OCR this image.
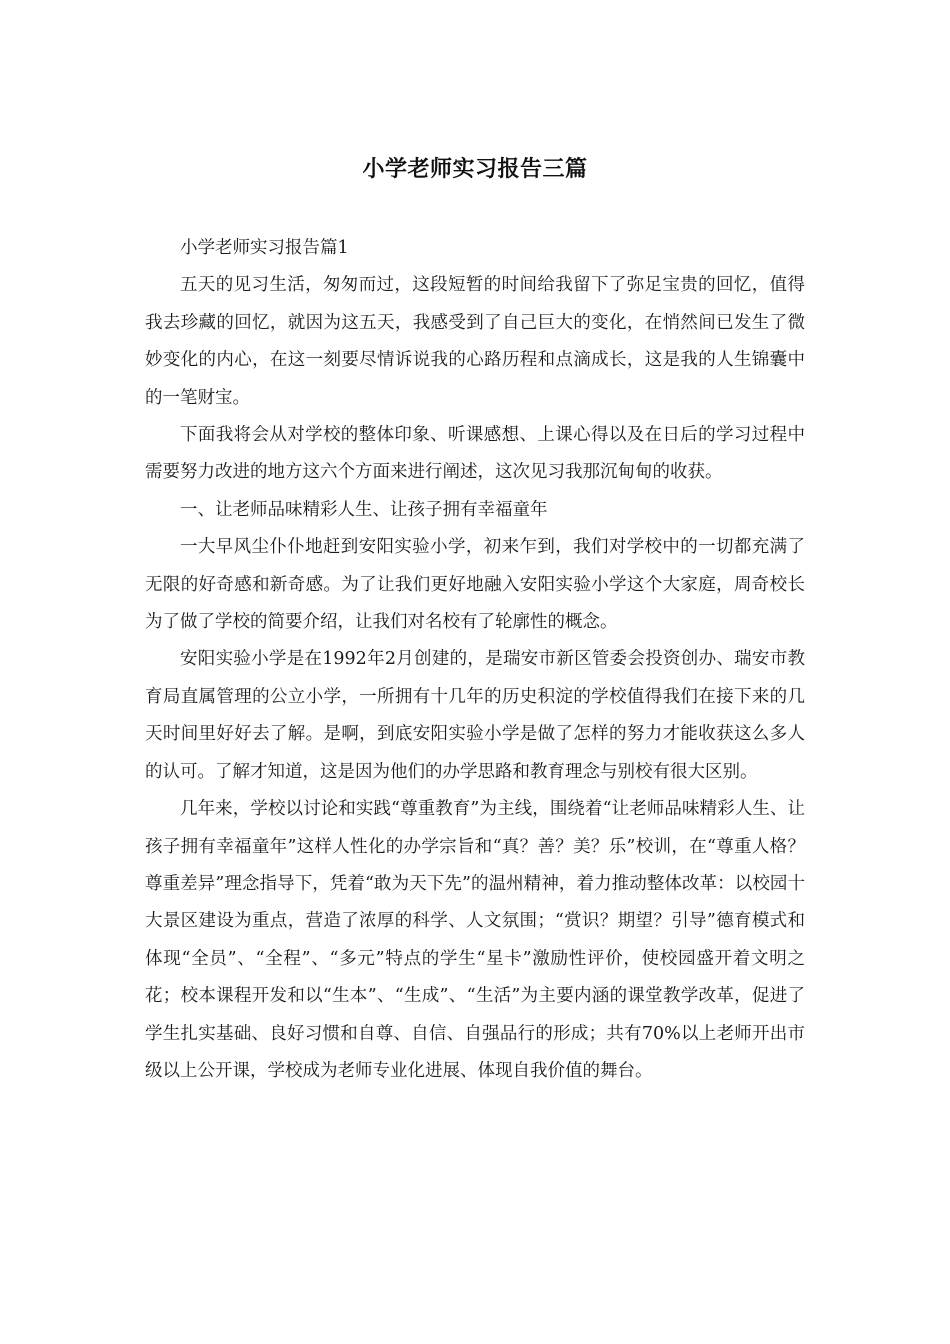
小学老师实习报告三篇

小学老师实习报告篇1

五天的见习生活，匆匆而过，这段短暂的时间给我留下了弥足宝贵的回忆，值得我去珍藏的回忆，就因为这五天，我感受到了自己巨大的变化，在悄然间已发生了微妙变化的内心，在这一刻要尽情诉说我的心路历程和点滴成长，这是我的人生锦囊中的一笔财宝。

下面我将会从对学校的整体印象、听课感想、上课心得以及在日后的学习过程中需要努力改进的地方这六个方面来进行阐述，这次见习我那沉甸甸的收获。

一、让老师品味精彩人生、让孩子拥有幸福童年

一大早风尘仆仆地赶到安阳实验小学，初来乍到，我们对学校中的一切都充满了无限的好奇感和新奇感。为了让我们更好地融入安阳实验小学这个大家庭，周奇校长为了做了学校的简要介绍，让我们对名校有了轮廓性的概念。

安阳实验小学是在1992年2月创建的，是瑞安市新区管委会投资创办、瑞安市教育局直属管理的公立小学，一所拥有十几年的历史积淀的学校值得我们在接下来的几天时间里好好去了解。是啊，到底安阳实验小学是做了怎样的努力才能收获这么多人的认可。了解才知道，这是因为他们的办学思路和教育理念与别校有很大区别。

几年来，学校以讨论和实践“尊重教育”为主线，围绕着“让老师品味精彩人生、让孩子拥有幸福童年”这样人性化的办学宗旨和“真？善？美？乐”校训，在“尊重人格？尊重差异”理念指导下，凭着“敢为天下先”的温州精神，着力推动整体改革：以校园十大景区建设为重点，营造了浓厚的科学、人文氛围；“赏识？期望？引导”德育模式和体现“全员”、“全程”、“多元”特点的学生“星卡”激励性评价，使校园盛开着文明之花；校本课程开发和以“生本”、“生成”、“生活”为主要内涵的课堂教学改革，促进了学生扎实基础、良好习惯和自尊、自信、自强品行的形成；共有70%以上老师开出市级以上公开课，学校成为老师专业化进展、体现自我价值的舞台。
